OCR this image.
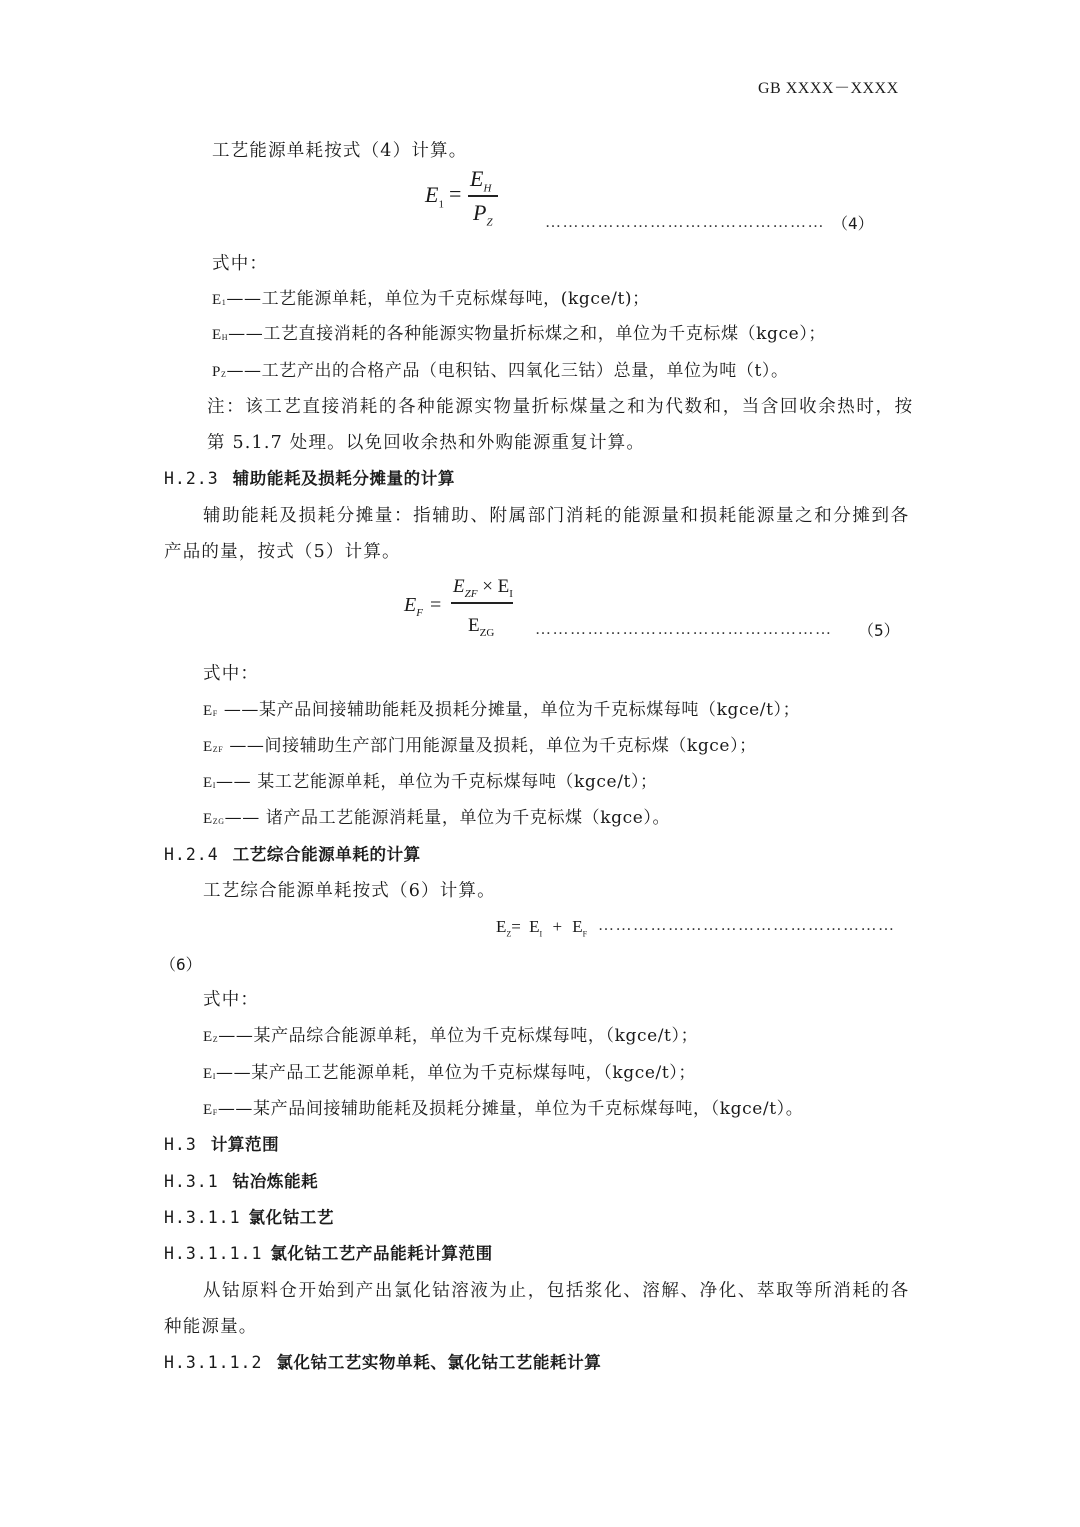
GB XXXX－XXXX
工艺能源单耗按式（4）计算。
$E_1$ =
$E_H$
$P_Z$	………………………………………… （4）
式中：
$E_1——$工艺能源单耗，单位为千克标煤每吨，(kgce/t)；
$E_H——$工艺直接消耗的各种能源实物量折标煤之和，单位为千克标煤（kgce）；
$P_Z——$工艺产出的合格产品（电积钴、四氧化三钴）总量，单位为吨（t）。
注：该工艺直接消耗的各种能源实物量折标煤量之和为代数和，当含回收余热时，按
第 5.1.7 处理。以免回收余热和外购能源重复计算。
H.2.3 辅助能耗及损耗分摊量的计算
辅助能耗及损耗分摊量：指辅助、附属部门消耗的能源量和损耗能源量之和分摊到各
产品的量，按式（5）计算。
$E_F$ =
$E_{ZF} \times E_I$
$E_{ZG}$	…………………………………………… （5）
式中：
$E_F$ ——某产品间接辅助能耗及损耗分摊量，单位为千克标煤每吨（kgce/t）；
$E_{ZF}$ ——间接辅助生产部门用能源量及损耗，单位为千克标煤（kgce）；
$E_I——$ 某工艺能源单耗，单位为千克标煤每吨（kgce/t）；
$E_{ZG}——$ 诸产品工艺能源消耗量，单位为千克标煤（kgce）。
H.2.4 工艺综合能源单耗的计算
工艺综合能源单耗按式（6）计算。
$E_Z= E_I + E_F$ ……………………………………………
（6）
式中：
$E_Z——$某产品综合能源单耗，单位为千克标煤每吨，（kgce/t）；
$E_I——$某产品工艺能源单耗，单位为千克标煤每吨，（kgce/t）；
$E_F——$某产品间接辅助能耗及损耗分摊量，单位为千克标煤每吨，（kgce/t）。
H.3 计算范围
H.3.1 钴冶炼能耗
H.3.1.1 氯化钴工艺
H.3.1.1.1 氯化钴工艺产品能耗计算范围
从钴原料仓开始到产出氯化钴溶液为止，包括浆化、溶解、净化、萃取等所消耗的各
种能源量。
H.3.1.1.2 氯化钴工艺实物单耗、氯化钴工艺能耗计算
